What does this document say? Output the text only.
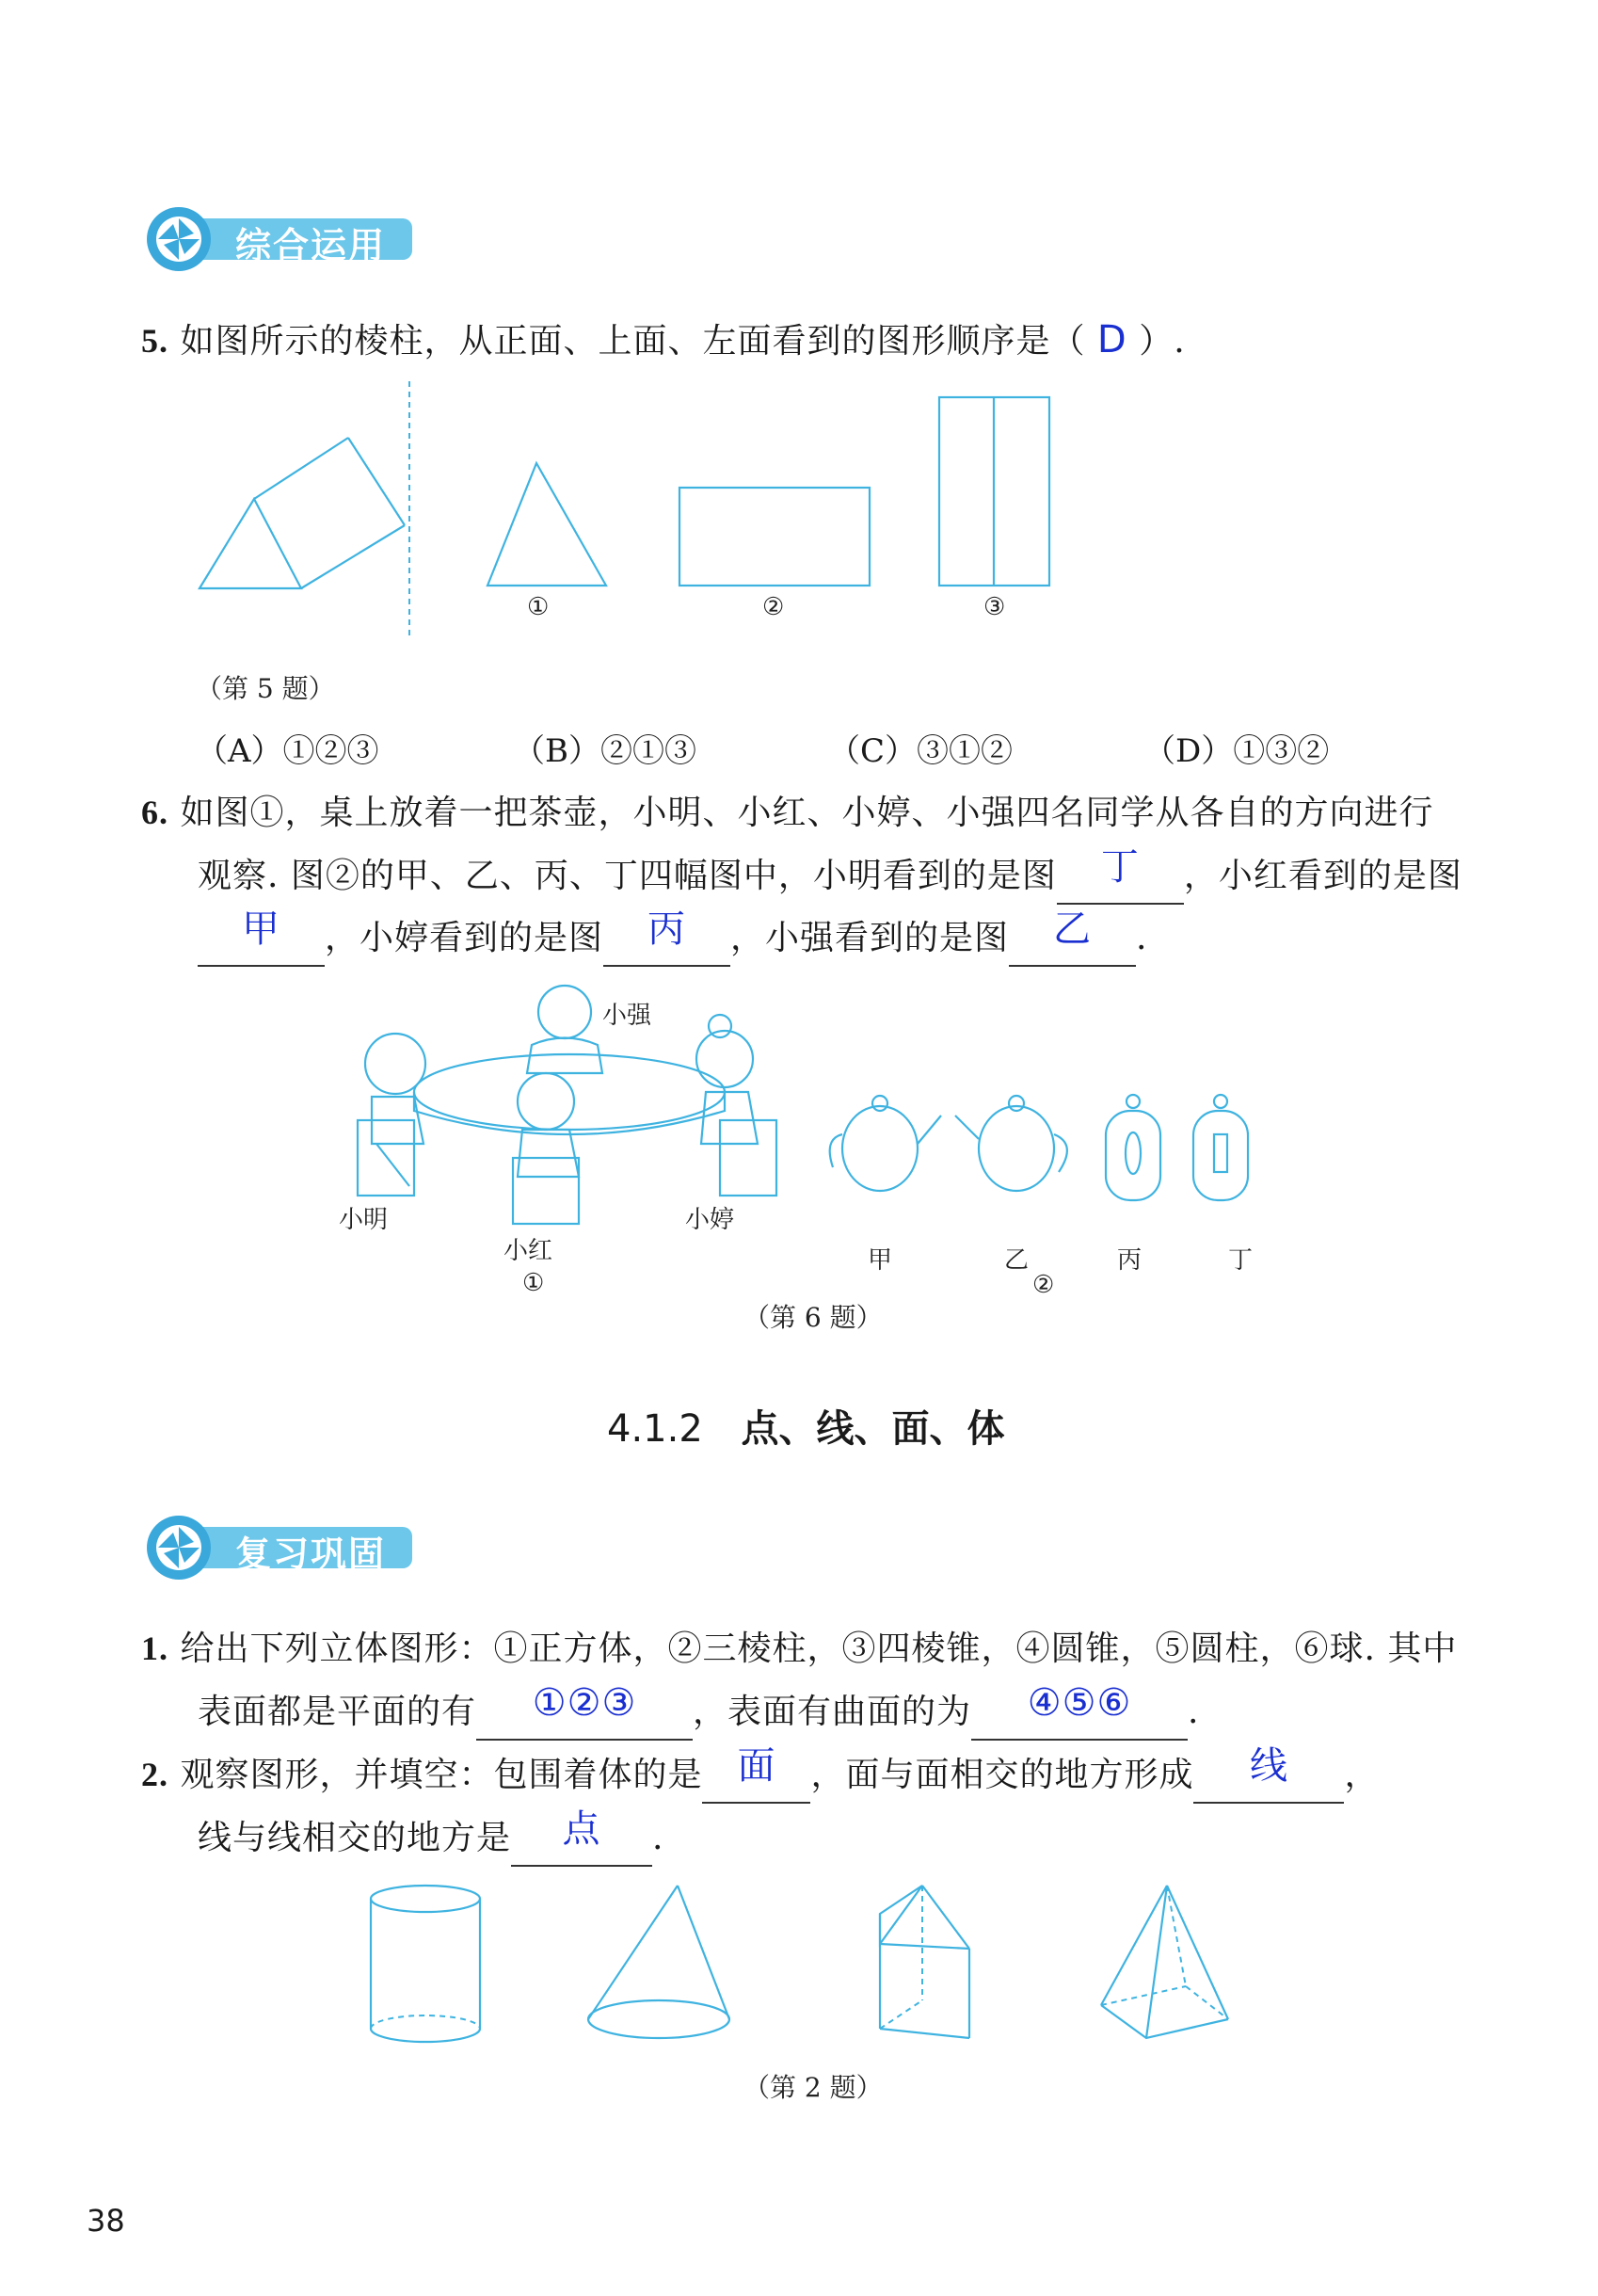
综合运用
5. 如图所示的棱柱，从正面、上面、左面看到的图形顺序是（ D ）.
①	②	③
（第 5 题）
（A）①②③	（B）②①③	（C）③①②	（D）①③②
6. 如图①，桌上放着一把茶壶，小明、小红、小婷、小强四名同学从各自的方向进行
观察. 图②的甲、乙、丙、丁四幅图中，小明看到的是图 丁 ，小红看到的是图
甲 ，小婷看到的是图 丙 ，小强看到的是图 乙 .
小强
小明
小红
小婷
①
甲	乙	丙	丁
②
（第 6 题）
4.1.2 点、线、面、体
复习巩固
1. 给出下列立体图形：①正方体，②三棱柱，③四棱锥，④圆锥，⑤圆柱，⑥球. 其中
表面都是平面的有 ①②③ ，表面有曲面的为 ④⑤⑥ .
2. 观察图形，并填空：包围着体的是 面 ，面与面相交的地方形成 线 ，
线与线相交的地方是 点 .
（第 2 题）
38
